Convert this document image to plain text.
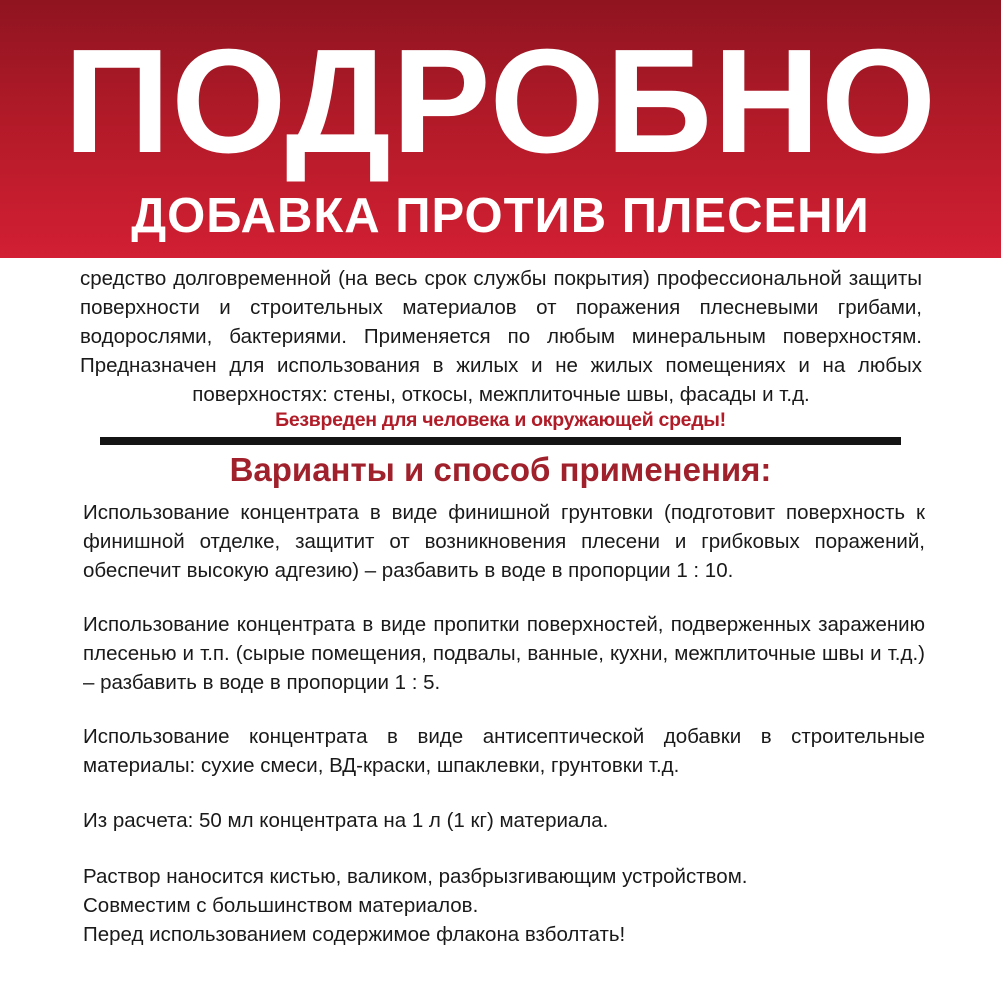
ПОДРОБНО
ДОБАВКА ПРОТИВ ПЛЕСЕНИ

средство долговременной (на весь срок службы покрытия) профессиональной защиты поверхности и строительных материалов от поражения плесневыми грибами, водорослями, бактериями. Применяется по любым минеральным поверхностям. Предназначен для использования в жилых и не жилых помещениях и на любых поверхностях: стены, откосы, межплиточные швы, фасады и т.д.

Безвреден для человека и окружающей среды!
Варианты и способ применения:

Использование концентрата в виде финишной грунтовки (подготовит поверхность к финишной отделке, защитит от возникновения плесени и грибковых поражений, обеспечит высокую адгезию) – разбавить в воде в пропорции 1 : 10.

Использование концентрата в виде пропитки поверхностей, подверженных заражению плесенью и т.п. (сырые помещения, подвалы, ванные, кухни, межплиточные швы и т.д.) – разбавить в воде в пропорции 1 : 5.

Использование концентрата в виде антисептической добавки в строительные материалы: сухие смеси, ВД-краски, шпаклевки, грунтовки т.д.

Из расчета: 50 мл концентрата на 1 л (1 кг) материала.

Раствор наносится кистью, валиком, разбрызгивающим устройством.
Совместим с большинством материалов.
Перед использованием содержимое флакона взболтать!
